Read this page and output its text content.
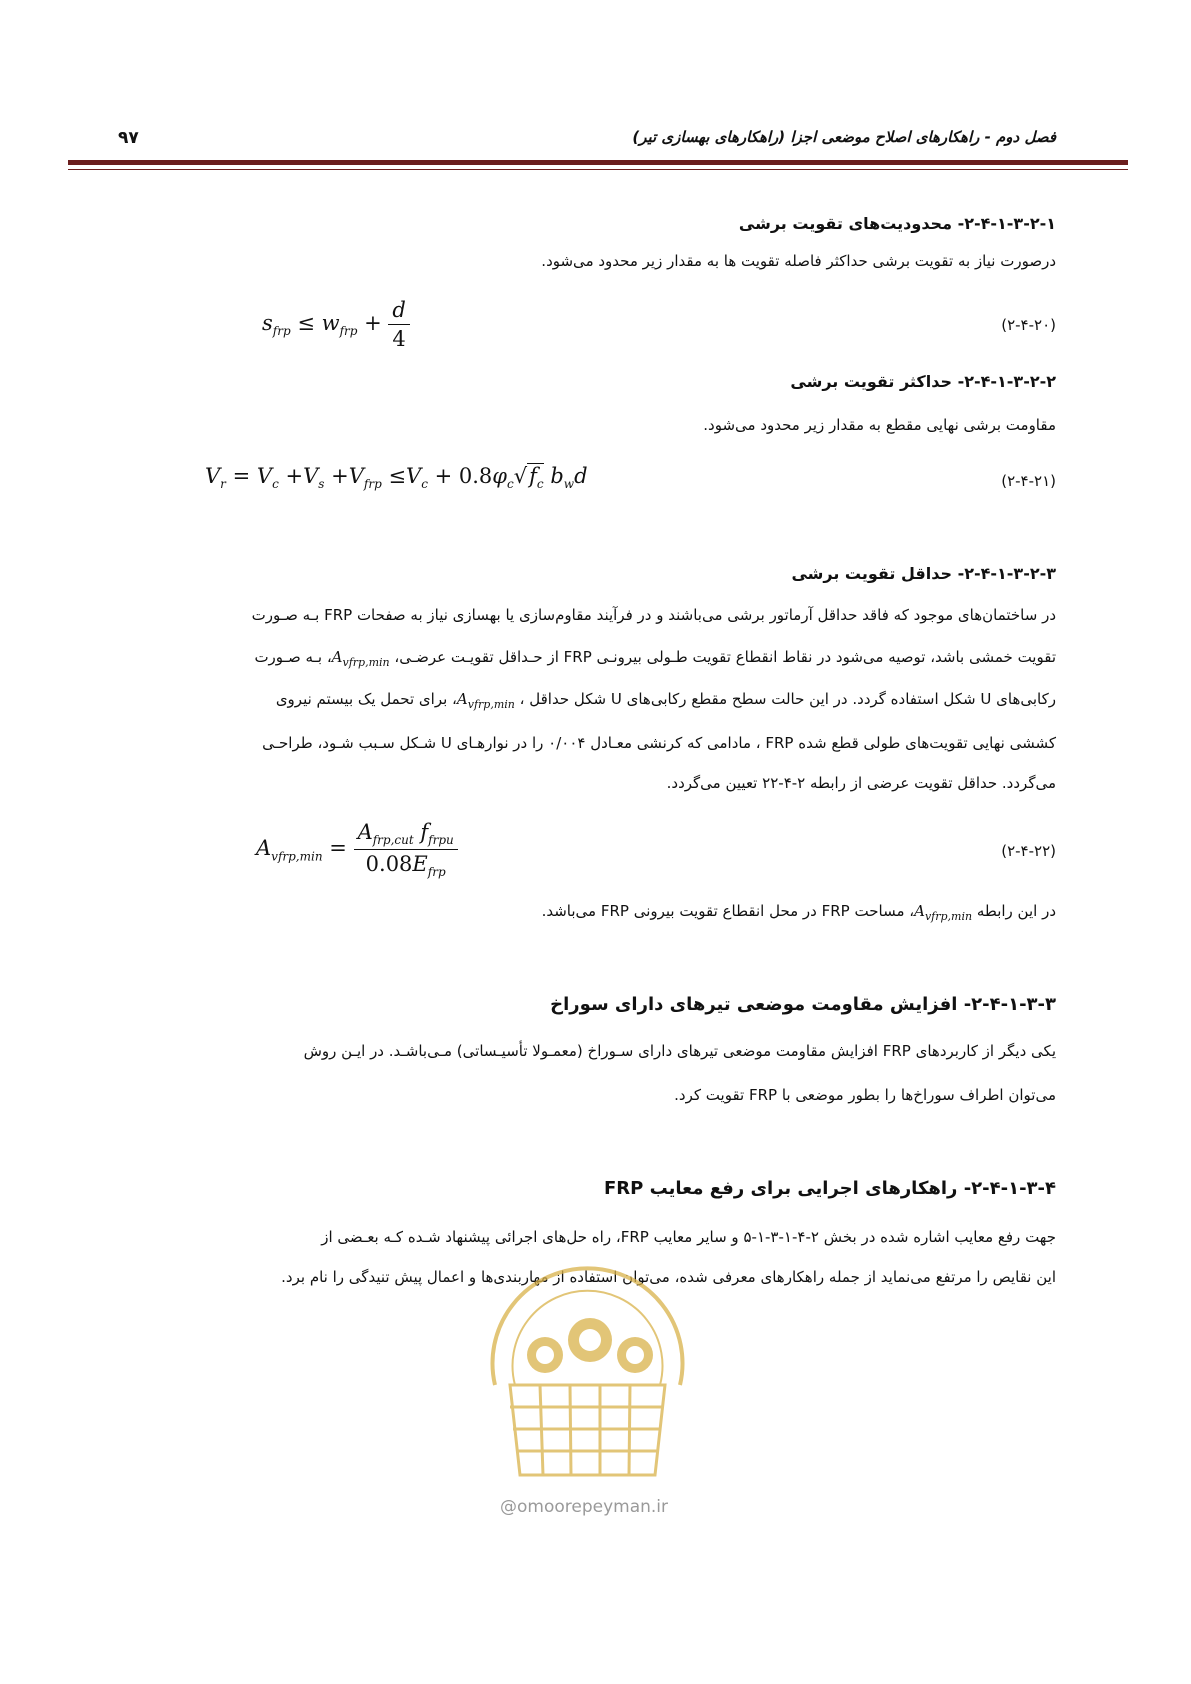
فصل دوم - راهکارهای اصلاح موضعی اجزا (راهکارهای بهسازی تیر)
۹۷
۲-۴-۱-۳-۲-۱- محدودیت‌های تقویت برشی
درصورت نیاز به تقویت برشی حداکثر فاصله تقویت ها به مقدار زیر محدود می‌شود.
$s_{frp} \le w_{frp} + \frac{d}{4}$	(۲-۴-۲۰)
۲-۴-۱-۳-۲-۲- حداکثر تقویت برشی
مقاومت برشی نهایی مقطع به مقدار زیر محدود می‌شود.
$V_r = V_c +V_s +V_{frp} \le V_c + 0.8\varphi_c√f_c$ $b_wd$	(۲-۴-۲۱)
۲-۴-۱-۳-۲-۳- حداقل تقویت برشی
در ساختمان‌های موجود که فاقد حداقل آرماتور برشی می‌باشند و در فرآیند مقاوم‌سازی یا بهسازی نیاز به صفحات FRP بـه صـورت
تقویت خمشی باشد، توصیه می‌شود در نقاط انقطاع تقویت طـولی بیرونـی FRP از حـداقل تقویـت عرضـی، $A_{vfrp,min}،$ بـه صـورت
رکابی‌های U شکل استفاده گردد. در این حالت سطح مقطع رکابی‌های U شکل حداقل ، $A_{vfrp,min}،$ برای تحمل یک بیستم نیروی
کششی نهایی تقویت‌های طولی قطع شده FRP ، مادامی که کرنشی معـادل ۰/۰۰۴ را در نوارهـای U شـکل سـبب شـود، طراحـی
می‌گردد. حداقل تقویت عرضی از رابطه ۲-۴-۲۲ تعیین می‌گردد.
$A_{vfrp,min} = \frac{A_{frp,cut} f_{frpu}}{0.08E_{frp}}$	(۲-۴-۲۲)
در این رابطه $A_{vfrp,min}،$ مساحت FRP در محل انقطاع تقویت بیرونی FRP می‌باشد.
۲-۴-۱-۳-۳- افزایش مقاومت موضعی تیرهای دارای سوراخ
یکی دیگر از کاربردهای FRP افزایش مقاومت موضعی تیرهای دارای سـوراخ (معمـولا تأسیـساتی) مـی‌باشـد. در ایـن روش
می‌توان اطراف سوراخ‌ها را بطور موضعی با FRP تقویت کرد.
۲-۴-۱-۳-۴- راهکارهای اجرایی برای رفع معایب FRP
جهت رفع معایب اشاره شده در بخش ۲-۴-۱-۳-۱-۵ و سایر معایب FRP، راه حل‌های اجرائی پیشنهاد شـده کـه بعـضی از
این نقایص را مرتفع می‌نماید از جمله راهکارهای معرفی شده، می‌توان استفاده از مهاربندی‌ها و اعمال پیش تنیدگی را نام برد.
@omoorepeyman.ir
